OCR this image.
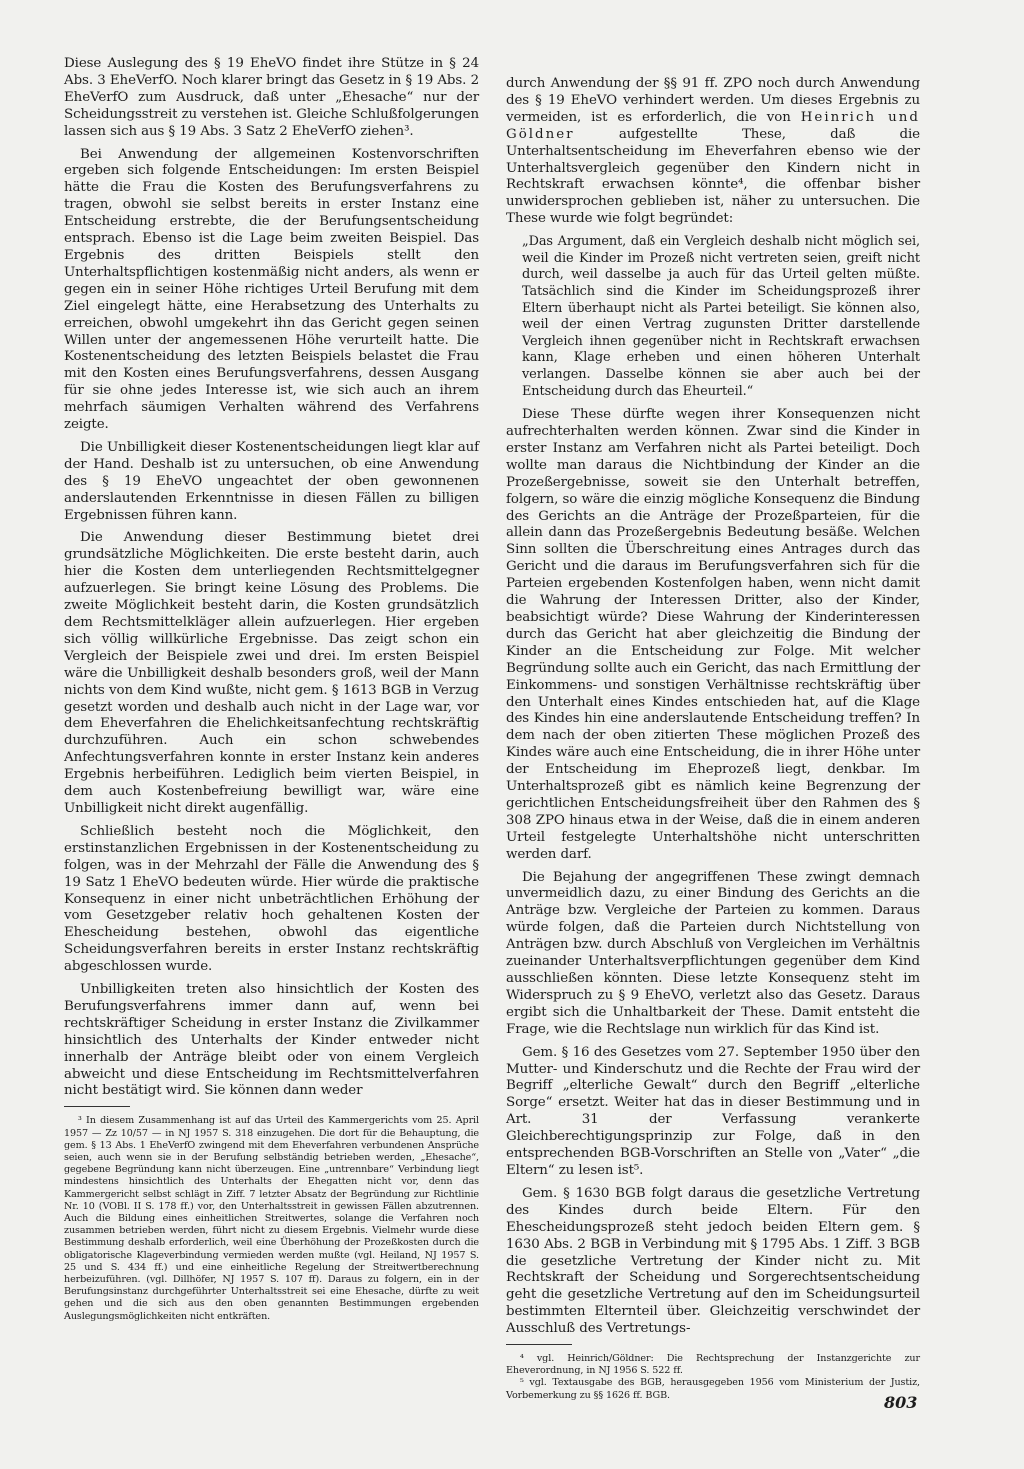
Diese Auslegung des § 19 EheVO findet ihre Stütze in § 24 Abs. 3 EheVerfO. Noch klarer bringt das Gesetz in § 19 Abs. 2 EheVerfO zum Ausdruck, daß unter „Ehesache“ nur der Scheidungsstreit zu verstehen ist. Gleiche Schlußfolgerungen lassen sich aus § 19 Abs. 3 Satz 2 EheVerfO ziehen³.

Bei Anwendung der allgemeinen Kostenvorschriften ergeben sich folgende Entscheidungen: Im ersten Beispiel hätte die Frau die Kosten des Berufungsverfahrens zu tragen, obwohl sie selbst bereits in erster Instanz eine Entscheidung erstrebte, die der Berufungsentscheidung entsprach. Ebenso ist die Lage beim zweiten Beispiel. Das Ergebnis des dritten Beispiels stellt den Unterhaltspflichtigen kostenmäßig nicht anders, als wenn er gegen ein in seiner Höhe richtiges Urteil Berufung mit dem Ziel eingelegt hätte, eine Herabsetzung des Unterhalts zu erreichen, obwohl umgekehrt ihn das Gericht gegen seinen Willen unter der angemessenen Höhe verurteilt hatte. Die Kostenentscheidung des letzten Beispiels belastet die Frau mit den Kosten eines Berufungsverfahrens, dessen Ausgang für sie ohne jedes Interesse ist, wie sich auch an ihrem mehrfach säumigen Verhalten während des Verfahrens zeigte.

Die Unbilligkeit dieser Kostenentscheidungen liegt klar auf der Hand. Deshalb ist zu untersuchen, ob eine Anwendung des § 19 EheVO ungeachtet der oben gewonnenen anderslautenden Erkenntnisse in diesen Fällen zu billigen Ergebnissen führen kann.

Die Anwendung dieser Bestimmung bietet drei grundsätzliche Möglichkeiten. Die erste besteht darin, auch hier die Kosten dem unterliegenden Rechtsmittelgegner aufzuerlegen. Sie bringt keine Lösung des Problems. Die zweite Möglichkeit besteht darin, die Kosten grundsätzlich dem Rechtsmittelkläger allein aufzuerlegen. Hier ergeben sich völlig willkürliche Ergebnisse. Das zeigt schon ein Vergleich der Beispiele zwei und drei. Im ersten Beispiel wäre die Unbilligkeit deshalb besonders groß, weil der Mann nichts von dem Kind wußte, nicht gem. § 1613 BGB in Verzug gesetzt worden und deshalb auch nicht in der Lage war, vor dem Eheverfahren die Ehelichkeitsanfechtung rechtskräftig durchzuführen. Auch ein schon schwebendes Anfechtungsverfahren konnte in erster Instanz kein anderes Ergebnis herbeiführen. Lediglich beim vierten Beispiel, in dem auch Kostenbefreiung bewilligt war, wäre eine Unbilligkeit nicht direkt augenfällig.

Schließlich besteht noch die Möglichkeit, den erstinstanzlichen Ergebnissen in der Kostenentscheidung zu folgen, was in der Mehrzahl der Fälle die Anwendung des § 19 Satz 1 EheVO bedeuten würde. Hier würde die praktische Konsequenz in einer nicht unbeträchtlichen Erhöhung der vom Gesetzgeber relativ hoch gehaltenen Kosten der Ehescheidung bestehen, obwohl das eigentliche Scheidungsverfahren bereits in erster Instanz rechtskräftig abgeschlossen wurde.

Unbilligkeiten treten also hinsichtlich der Kosten des Berufungsverfahrens immer dann auf, wenn bei rechtskräftiger Scheidung in erster Instanz die Zivilkammer hinsichtlich des Unterhalts der Kinder entweder nicht innerhalb der Anträge bleibt oder von einem Vergleich abweicht und diese Entscheidung im Rechtsmittelverfahren nicht bestätigt wird. Sie können dann weder

³ In diesem Zusammenhang ist auf das Urteil des Kammergerichts vom 25. April 1957 — Zz 10/57 — in NJ 1957 S. 318 einzugehen. Die dort für die Behauptung, die gem. § 13 Abs. 1 EheVerfO zwingend mit dem Eheverfahren verbundenen Ansprüche seien, auch wenn sie in der Berufung selbständig betrieben werden, „Ehesache“, gegebene Begründung kann nicht überzeugen. Eine „untrennbare“ Verbindung liegt mindestens hinsichtlich des Unterhalts der Ehegatten nicht vor, denn das Kammergericht selbst schlägt in Ziff. 7 letzter Absatz der Begründung zur Richtlinie Nr. 10 (VOBl. II S. 178 ff.) vor, den Unterhaltsstreit in gewissen Fällen abzutrennen. Auch die Bildung eines einheitlichen Streitwertes, solange die Verfahren noch zusammen betrieben werden, führt nicht zu diesem Ergebnis. Vielmehr wurde diese Bestimmung deshalb erforderlich, weil eine Überhöhung der Prozeßkosten durch die obligatorische Klageverbindung vermieden werden mußte (vgl. Heiland, NJ 1957 S. 25 und S. 434 ff.) und eine einheitliche Regelung der Streitwertberechnung herbeizuführen. (vgl. Dillhöfer, NJ 1957 S. 107 ff). Daraus zu folgern, ein in der Berufungsinstanz durchgeführter Unterhaltsstreit sei eine Ehesache, dürfte zu weit gehen und die sich aus den oben genannten Bestimmungen ergebenden Auslegungsmöglichkeiten nicht entkräften.

durch Anwendung der §§ 91 ff. ZPO noch durch Anwendung des § 19 EheVO verhindert werden. Um dieses Ergebnis zu vermeiden, ist es erforderlich, die von Heinrich und Göldner	aufgestellte These, daß die Unterhaltsentscheidung im Eheverfahren ebenso wie der Unterhaltsvergleich gegenüber den Kindern nicht in Rechtskraft erwachsen könnte⁴, die offenbar bisher unwidersprochen geblieben ist, näher zu untersuchen. Die These wurde wie folgt begründet:

„Das Argument, daß ein Vergleich deshalb nicht möglich sei, weil die Kinder im Prozeß nicht vertreten seien, greift nicht durch, weil dasselbe ja auch für das Urteil gelten müßte. Tatsächlich sind die Kinder im Scheidungsprozeß ihrer Eltern überhaupt nicht als Partei beteiligt. Sie können also, weil der einen Vertrag zugunsten Dritter darstellende Vergleich ihnen gegenüber nicht in Rechtskraft erwachsen kann, Klage erheben und einen höheren Unterhalt verlangen. Dasselbe können sie aber auch bei der Entscheidung durch das Eheurteil.“

Diese These dürfte wegen ihrer Konsequenzen nicht aufrechterhalten werden können. Zwar sind die Kinder in erster Instanz am Verfahren nicht als Partei beteiligt. Doch wollte man daraus die Nichtbindung der Kinder an die Prozeßergebnisse, soweit sie den Unterhalt betreffen, folgern, so wäre die einzig mögliche Konsequenz die Bindung des Gerichts an die Anträge der Prozeßparteien, für die allein dann das Prozeßergebnis Bedeutung besäße. Welchen Sinn sollten die Überschreitung eines Antrages durch das Gericht und die daraus im Berufungsverfahren sich für die Parteien ergebenden Kostenfolgen haben, wenn nicht damit die Wahrung der Interessen Dritter, also der Kinder, beabsichtigt würde? Diese Wahrung der Kinderinteressen durch das Gericht hat aber gleichzeitig die Bindung der Kinder an die Entscheidung zur Folge. Mit welcher Begründung sollte auch ein Gericht, das nach Ermittlung der Einkommens- und sonstigen Verhältnisse rechtskräftig über den Unterhalt eines Kindes entschieden hat, auf die Klage des Kindes hin eine anderslautende Entscheidung treffen? In dem nach der oben zitierten These möglichen Prozeß des Kindes wäre auch eine Entscheidung, die in ihrer Höhe unter der Entscheidung im Eheprozeß liegt, denkbar. Im Unterhaltsprozeß gibt es nämlich keine Begrenzung der gerichtlichen Entscheidungsfreiheit über den Rahmen des § 308 ZPO hinaus etwa in der Weise, daß die in einem anderen Urteil festgelegte Unterhaltshöhe nicht unterschritten werden darf.

Die Bejahung der angegriffenen These zwingt demnach unvermeidlich dazu, zu einer Bindung des Gerichts an die Anträge bzw. Vergleiche der Parteien zu kommen. Daraus würde folgen, daß die Parteien durch Nichtstellung von Anträgen bzw. durch Abschluß von Vergleichen im Verhältnis zueinander Unterhaltsverpflichtungen gegenüber dem Kind ausschließen könnten. Diese letzte Konsequenz steht im Widerspruch zu § 9 EheVO, verletzt also das Gesetz. Daraus ergibt sich die Unhaltbarkeit der These. Damit entsteht die Frage, wie die Rechtslage nun wirklich für das Kind ist.

Gem. § 16 des Gesetzes vom 27. September 1950 über den Mutter- und Kinderschutz und die Rechte der Frau wird der Begriff „elterliche Gewalt“ durch den Begriff „elterliche Sorge“ ersetzt. Weiter hat das in dieser Bestimmung und in Art. 31 der Verfassung verankerte Gleichberechtigungsprinzip zur Folge, daß in den entsprechenden BGB-Vorschriften an Stelle von „Vater“ „die Eltern“ zu lesen ist⁵.

Gem. § 1630 BGB folgt daraus die gesetzliche Vertretung des Kindes durch beide Eltern. Für den Ehescheidungsprozeß steht jedoch beiden Eltern gem. § 1630 Abs. 2 BGB in Verbindung mit § 1795 Abs. 1 Ziff. 3 BGB die gesetzliche Vertretung der Kinder nicht zu. Mit Rechtskraft der Scheidung und Sorgerechtsentscheidung geht die gesetzliche Vertretung auf den im Scheidungsurteil bestimmten Elternteil über. Gleichzeitig verschwindet der Ausschluß des Vertretungs-

⁴ vgl. Heinrich/Göldner: Die Rechtsprechung der Instanzgerichte zur Eheverordnung, in NJ 1956 S. 522 ff.

⁵ vgl. Textausgabe des BGB, herausgegeben 1956 vom Ministerium der Justiz, Vorbemerkung zu §§ 1626 ff. BGB.	803
